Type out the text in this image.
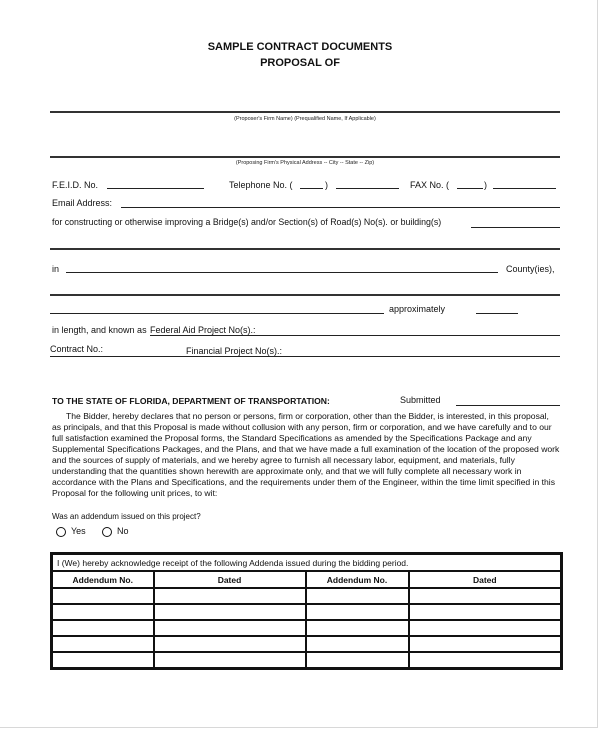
SAMPLE CONTRACT DOCUMENTS
PROPOSAL OF
(Proposer's Firm Name) (Prequalified Name, If Applicable)
(Proposing Firm's Physical Address -- City -- State -- Zip)
F.E.I.D. No.	Telephone No. (	)	FAX No. (	)
Email Address:
for constructing or otherwise improving a Bridge(s) and/or Section(s) of Road(s) No(s). or building(s)
in	County(ies),
approximately
in length, and known as Federal Aid Project No(s).:
Contract No.:	Financial Project No(s).:
TO THE STATE OF FLORIDA, DEPARTMENT OF TRANSPORTATION:	Submitted
The Bidder, hereby declares that no person or persons, firm or corporation, other than the Bidder, is interested, in this proposal, as principals, and that this Proposal is made without collusion with any person, firm or corporation, and we have carefully and to our full satisfaction examined the Proposal forms, the Standard Specifications as amended by the Specifications Package and any Supplemental Specifications Packages, and the Plans, and that we have made a full examination of the location of the proposed work and the sources of supply of materials, and we hereby agree to furnish all necessary labor, equipment, and materials, fully understanding that the quantities shown herewith are approximate only, and that we will fully complete all necessary work in accordance with the Plans and Specifications, and the requirements under them of the Engineer, within the time limit specified in this Proposal for the following unit prices, to wit:
Was an addendum issued on this project?
Yes	No
I (We) hereby acknowledge receipt of the following Addenda issued during the bidding period.			
Addendum No.	Dated	Addendum No.	Dated
